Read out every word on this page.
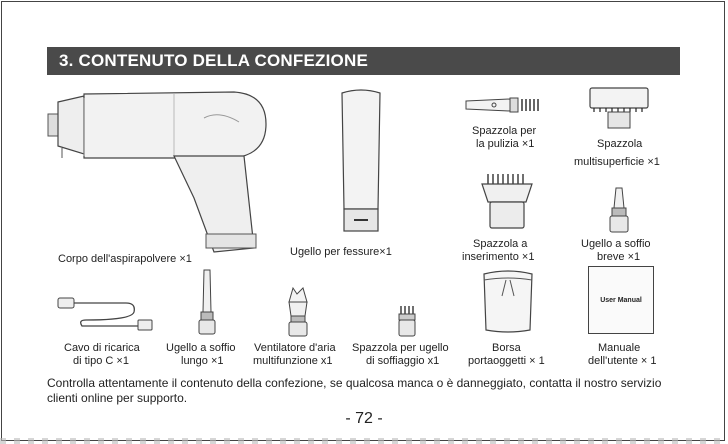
3. CONTENUTO DELLA CONFEZIONE
Corpo dell'aspirapolvere ×1
Ugello per fessure×1
Spazzola per
la pulizia ×1	Spazzola
multisuperficie ×1
Spazzola a
inserimento ×1
Ugello a soffio
breve ×1
Cavo di ricarica
di tipo C ×1
Ugello a soffio
lungo ×1
Ventilatore d'aria
multifunzione x1
Spazzola per ugello
di soffiaggio x1
Borsa
portaoggetti × 1
User Manual
Manuale
dell'utente × 1
Controlla attentamente il contenuto della confezione, se qualcosa manca o è danneggiato, contatta il nostro servizio clienti online per supporto.
- 72 -
